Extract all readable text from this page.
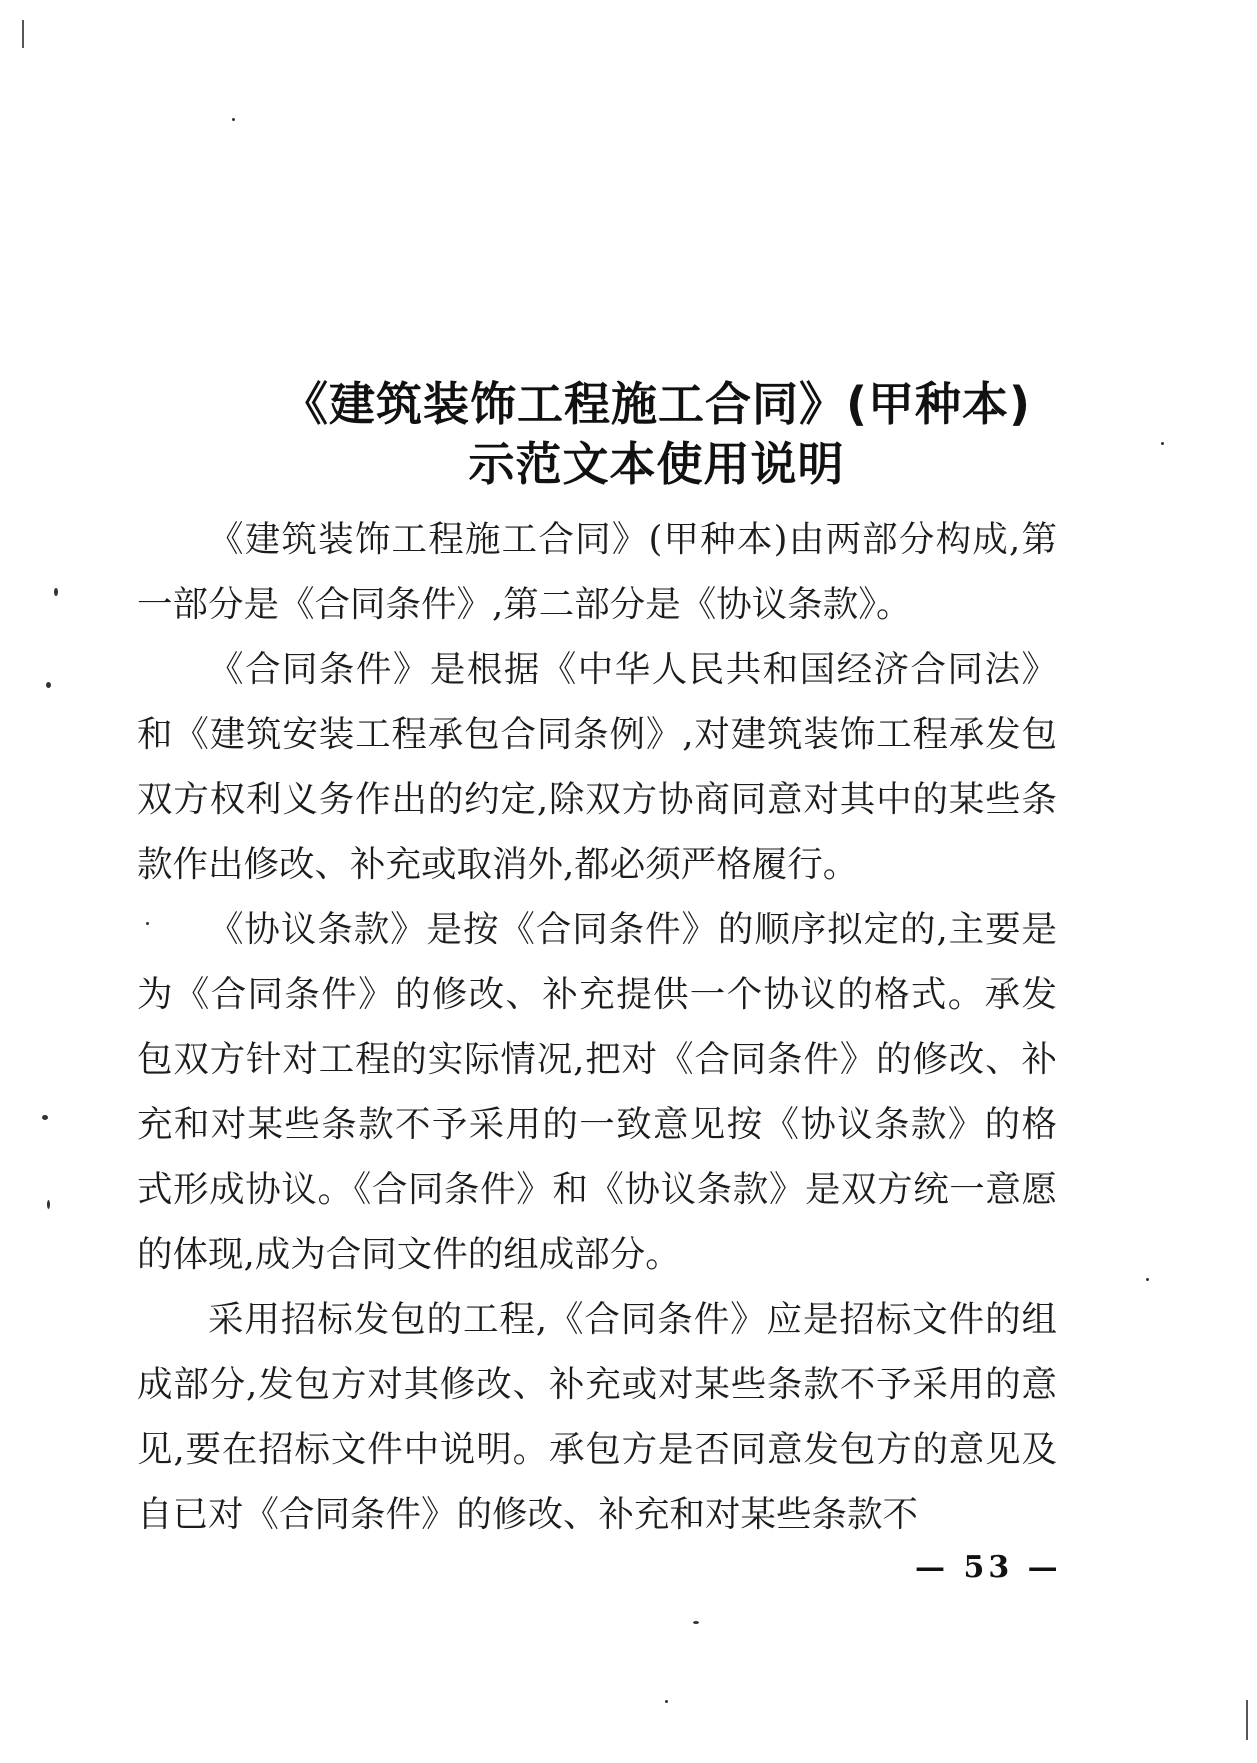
《建筑装饰工程施工合同》(甲种本)
示范文本使用说明

《建筑装饰工程施工合同》(甲种本)由两部分构成,第一部分是《合同条件》,第二部分是《协议条款》。

《合同条件》是根据《中华人民共和国经济合同法》和《建筑安装工程承包合同条例》,对建筑装饰工程承发包双方权利义务作出的约定,除双方协商同意对其中的某些条款作出修改、补充或取消外,都必须严格履行。

《协议条款》是按《合同条件》的顺序拟定的,主要是为《合同条件》的修改、补充提供一个协议的格式。承发包双方针对工程的实际情况,把对《合同条件》的修改、补充和对某些条款不予采用的一致意见按《协议条款》的格式形成协议。《合同条件》和《协议条款》是双方统一意愿的体现,成为合同文件的组成部分。

采用招标发包的工程,《合同条件》应是招标文件的组成部分,发包方对其修改、补充或对某些条款不予采用的意见,要在招标文件中说明。承包方是否同意发包方的意见及自已对《合同条件》的修改、补充和对某些条款不

— 53 —
